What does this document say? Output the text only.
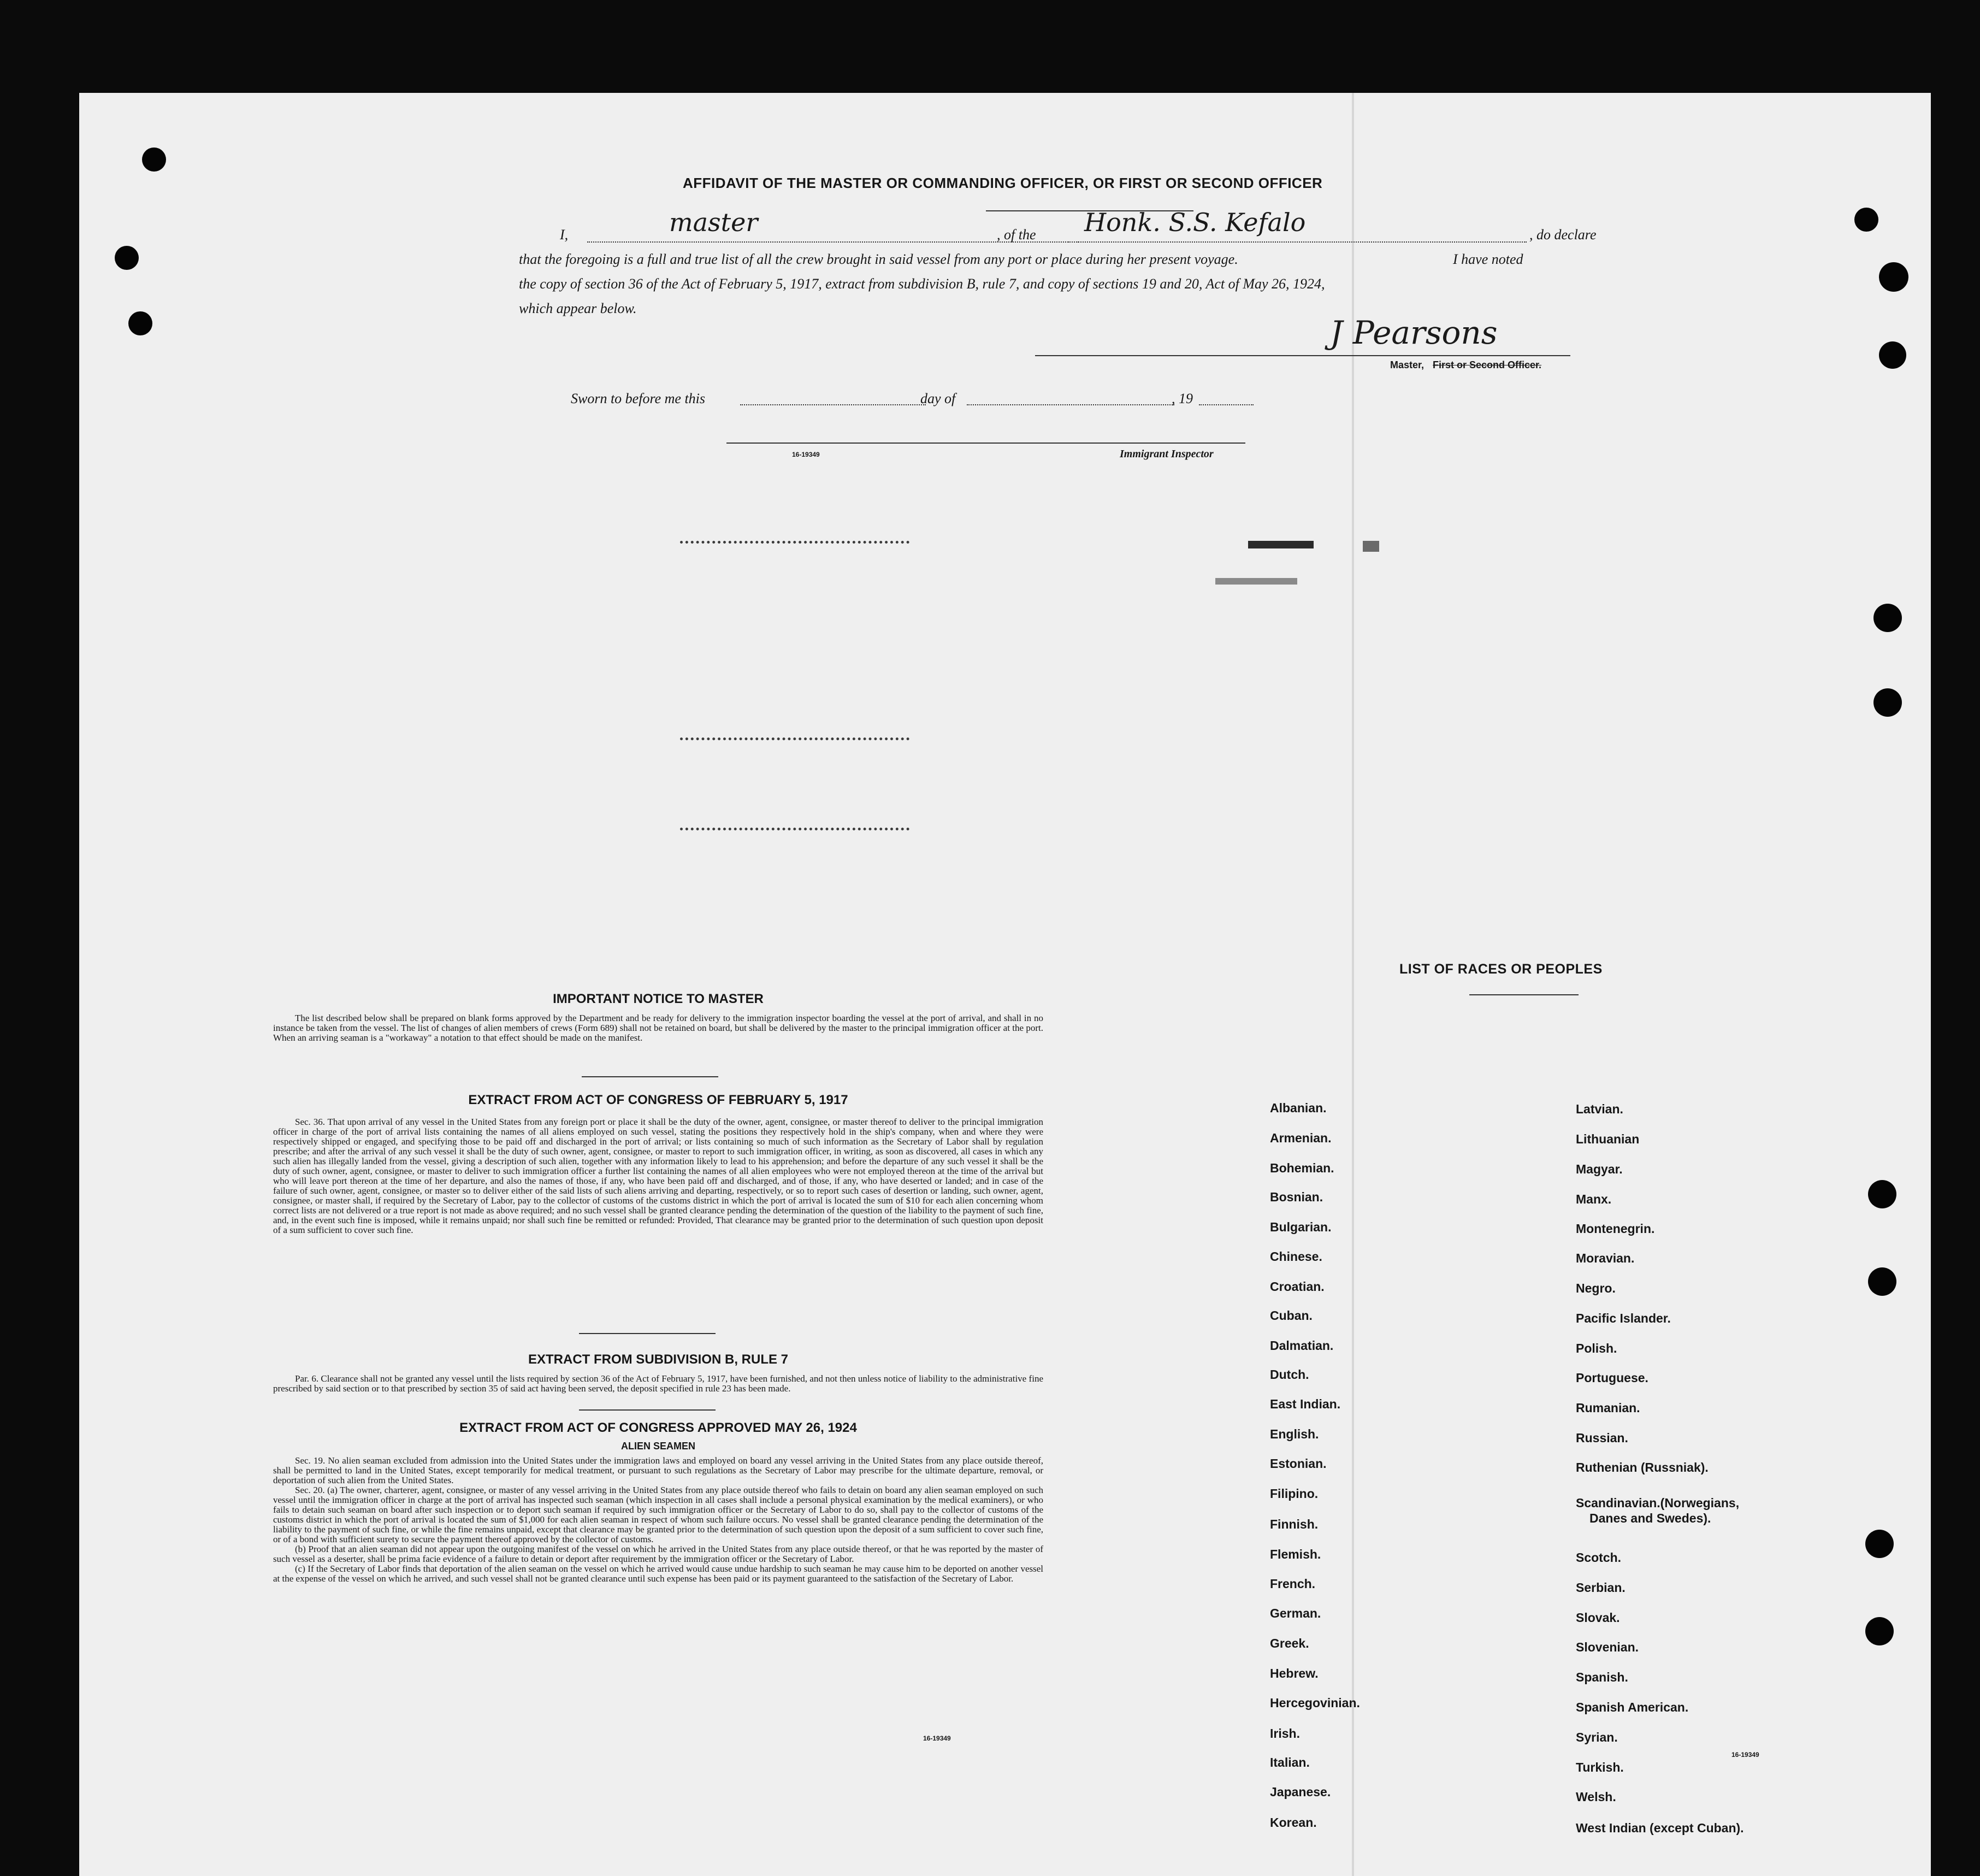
AFFIDAVIT OF THE MASTER OR COMMANDING OFFICER, OR FIRST OR SECOND OFFICER
I,	master	, of the Honk. S.S. Kefalo	, do declare
that the foregoing is a full and true list of all the crew brought in said vessel from any port or place during her present voyage.	I have noted
the copy of section 36 of the Act of February 5, 1917, extract from subdivision B, rule 7, and copy of sections 19 and 20, Act of May 26, 1924,
which appear below.
J Pearsons
Master, First or Second Officer.
Sworn to before me this	day of	, 19
16-19349	Immigrant Inspector
IMPORTANT NOTICE TO MASTER

The list described below shall be prepared on blank forms approved by the Department and be ready for delivery to the immigration inspector boarding the vessel at the port of arrival, and shall in no instance be taken from the vessel. The list of changes of alien members of crews (Form 689) shall not be retained on board, but shall be delivered by the master to the principal immigration officer at the port. When an arriving seaman is a "workaway" a notation to that effect should be made on the manifest.

EXTRACT FROM ACT OF CONGRESS OF FEBRUARY 5, 1917

Sec. 36. That upon arrival of any vessel in the United States from any foreign port or place it shall be the duty of the owner, agent, consignee, or master thereof to deliver to the principal immigration officer in charge of the port of arrival lists containing the names of all aliens employed on such vessel, stating the positions they respectively hold in the ship's company, when and where they were respectively shipped or engaged, and specifying those to be paid off and discharged in the port of arrival; or lists containing so much of such information as the Secretary of Labor shall by regulation prescribe; and after the arrival of any such vessel it shall be the duty of such owner, agent, consignee, or master to report to such immigration officer, in writing, as soon as discovered, all cases in which any such alien has illegally landed from the vessel, giving a description of such alien, together with any information likely to lead to his apprehension; and before the departure of any such vessel it shall be the duty of such owner, agent, consignee, or master to deliver to such immigration officer a further list containing the names of all alien employees who were not employed thereon at the time of the arrival but who will leave port thereon at the time of her departure, and also the names of those, if any, who have been paid off and discharged, and of those, if any, who have deserted or landed; and in case of the failure of such owner, agent, consignee, or master so to deliver either of the said lists of such aliens arriving and departing, respectively, or so to report such cases of desertion or landing, such owner, agent, consignee, or master shall, if required by the Secretary of Labor, pay to the collector of customs of the customs district in which the port of arrival is located the sum of $10 for each alien concerning whom correct lists are not delivered or a true report is not made as above required; and no such vessel shall be granted clearance pending the determination of the question of the liability to the payment of such fine, and, in the event such fine is imposed, while it remains unpaid; nor shall such fine be remitted or refunded: Provided, That clearance may be granted prior to the determination of such question upon deposit of a sum sufficient to cover such fine.

EXTRACT FROM SUBDIVISION B, RULE 7

Par. 6. Clearance shall not be granted any vessel until the lists required by section 36 of the Act of February 5, 1917, have been furnished, and not then unless notice of liability to the administrative fine prescribed by said section or to that prescribed by section 35 of said act having been served, the deposit specified in rule 23 has been made.

EXTRACT FROM ACT OF CONGRESS APPROVED MAY 26, 1924
ALIEN SEAMEN

Sec. 19. No alien seaman excluded from admission into the United States under the immigration laws and employed on board any vessel arriving in the United States from any place outside thereof, shall be permitted to land in the United States, except temporarily for medical treatment, or pursuant to such regulations as the Secretary of Labor may prescribe for the ultimate departure, removal, or deportation of such alien from the United States.

Sec. 20. (a) The owner, charterer, agent, consignee, or master of any vessel arriving in the United States from any place outside thereof who fails to detain on board any alien seaman employed on such vessel until the immigration officer in charge at the port of arrival has inspected such seaman (which inspection in all cases shall include a personal physical examination by the medical examiners), or who fails to detain such seaman on board after such inspection or to deport such seaman if required by such immigration officer or the Secretary of Labor to do so, shall pay to the collector of customs of the customs district in which the port of arrival is located the sum of $1,000 for each alien seaman in respect of whom such failure occurs. No vessel shall be granted clearance pending the determination of the liability to the payment of such fine, or while the fine remains unpaid, except that clearance may be granted prior to the determination of such question upon the deposit of a sum sufficient to cover such fine, or of a bond with sufficient surety to secure the payment thereof approved by the collector of customs.

(b) Proof that an alien seaman did not appear upon the outgoing manifest of the vessel on which he arrived in the United States from any place outside thereof, or that he was reported by the master of such vessel as a deserter, shall be prima facie evidence of a failure to detain or deport after requirement by the immigration officer or the Secretary of Labor.

(c) If the Secretary of Labor finds that deportation of the alien seaman on the vessel on which he arrived would cause undue hardship to such seaman he may cause him to be deported on another vessel at the expense of the vessel on which he arrived, and such vessel shall not be granted clearance until such expense has been paid or its payment guaranteed to the satisfaction of the Secretary of Labor.

16-19349
LIST OF RACES OR PEOPLES
16-19349
Albanian.
Armenian.
Bohemian.
Bosnian.
Bulgarian.
Chinese.
Croatian.
Cuban.
Dalmatian.
Dutch.
East Indian.
English.
Estonian.
Filipino.
Finnish.
Flemish.
French.
German.
Greek.
Hebrew.
Hercegovinian.
Irish.
Italian.
Japanese.
Korean.
Latvian.
Lithuanian
Magyar.
Manx.
Montenegrin.
Moravian.
Negro.
Pacific Islander.
Polish.
Portuguese.
Rumanian.
Russian.
Ruthenian (Russniak).
Scandinavian.(Norwegians,
Danes and Swedes).
Scotch.
Serbian.
Slovak.
Slovenian.
Spanish.
Spanish American.
Syrian.
Turkish.
Welsh.
West Indian (except Cuban).
